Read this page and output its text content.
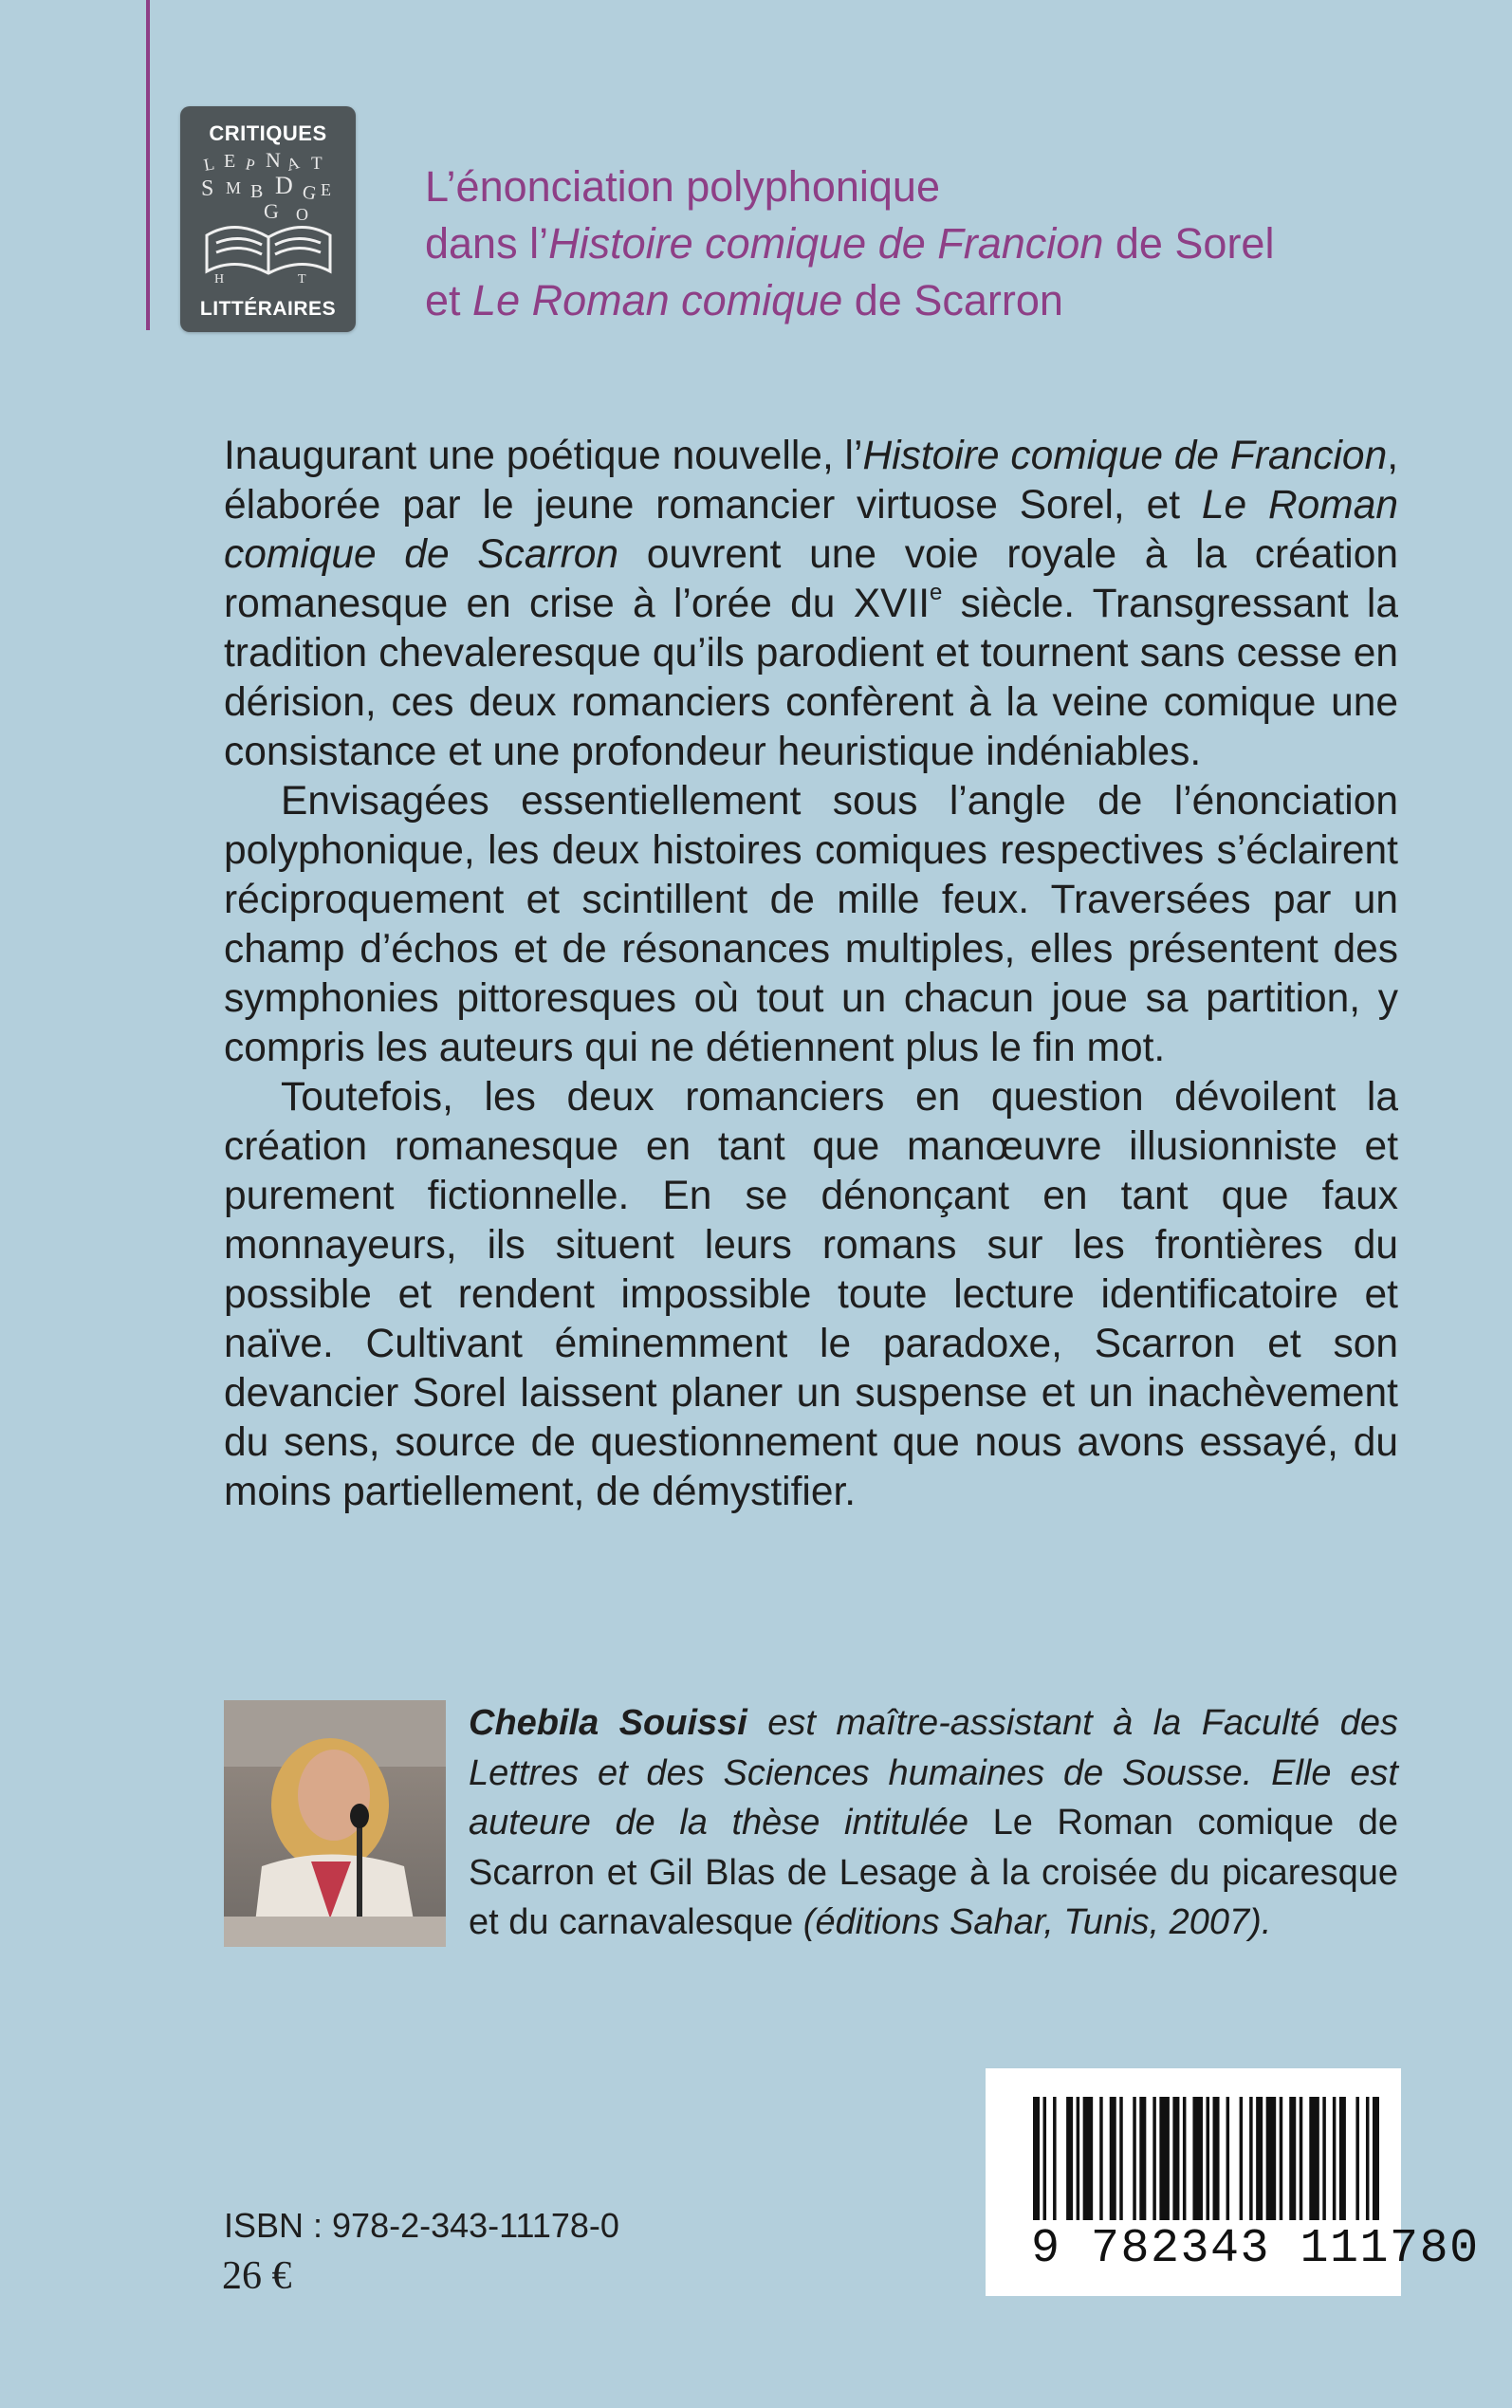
CRITIQUES
L E P N A T
S M B D G E
G O
H	T
LITTÉRAIRES
L’énonciation polyphonique
dans l’Histoire comique de Francion de Sorel
et Le Roman comique de Scarron

Inaugurant une poétique nouvelle, l’Histoire comique de Francion, élaborée par le jeune romancier virtuose Sorel, et Le Roman comique de Scarron ouvrent une voie royale à la création romanesque en crise à l’orée du XVIIe siècle. Transgressant la tradition chevaleresque qu’ils parodient et tournent sans cesse en dérision, ces deux romanciers confèrent à la veine comique une consistance et une profondeur heuristique indéniables.

Envisagées essentiellement sous l’angle de l’énonciation polyphonique, les deux histoires comiques respectives s’éclairent réciproquement et scintillent de mille feux. Traversées par un champ d’échos et de résonances multiples, elles présentent des symphonies pittoresques où tout un chacun joue sa partition, y compris les auteurs qui ne détiennent plus le fin mot.

Toutefois, les deux romanciers en question dévoilent la création romanesque en tant que manœuvre illusionniste et purement fictionnelle. En se dénonçant en tant que faux monnayeurs, ils situent leurs romans sur les frontières du possible et rendent impossible toute lecture identificatoire et naïve. Cultivant éminemment le paradoxe, Scarron et son devancier Sorel laissent planer un suspense et un inachèvement du sens, source de questionnement que nous avons essayé, du moins partiellement, de démystifier.

Chebila Souissi est maître-assistant à la Faculté des Lettres et des Sciences humaines de Sousse. Elle est auteure de la thèse intitulée Le Roman comique de Scarron et Gil Blas de Lesage à la croisée du picaresque et du carnavalesque (éditions Sahar, Tunis, 2007).

9 782343 111780
ISBN : 978-2-343-11178-0
26 €
